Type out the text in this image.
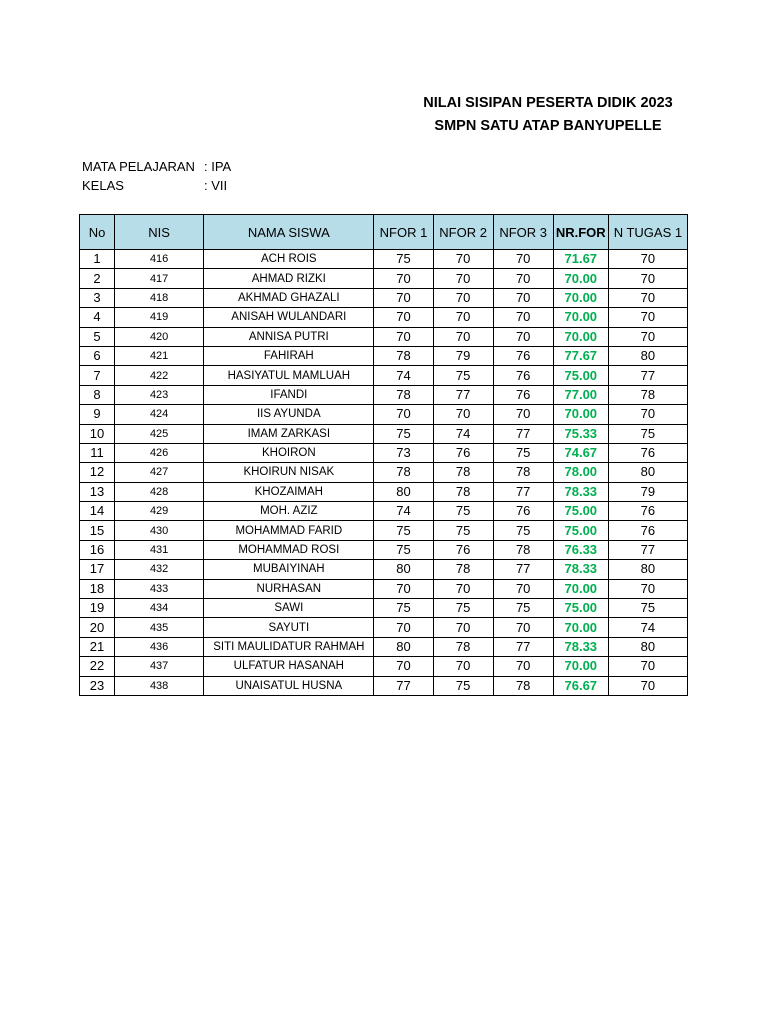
NILAI SISIPAN PESERTA DIDIK 2023
SMPN SATU ATAP BANYUPELLE
MATA PELAJARAN : IPA
KELAS	: VII
No	NIS	NAMA SISWA	NFOR 1	NFOR 2	NFOR 3	NR.FOR	N TUGAS 1
1	416	ACH ROIS	75	70	70	71.67	70
2	417	AHMAD RIZKI	70	70	70	70.00	70
3	418	AKHMAD GHAZALI	70	70	70	70.00	70
4	419	ANISAH WULANDARI	70	70	70	70.00	70
5	420	ANNISA PUTRI	70	70	70	70.00	70
6	421	FAHIRAH	78	79	76	77.67	80
7	422	HASIYATUL MAMLUAH	74	75	76	75.00	77
8	423	IFANDI	78	77	76	77.00	78
9	424	IIS AYUNDA	70	70	70	70.00	70
10	425	IMAM ZARKASI	75	74	77	75.33	75
11	426	KHOIRON	73	76	75	74.67	76
12	427	KHOIRUN NISAK	78	78	78	78.00	80
13	428	KHOZAIMAH	80	78	77	78.33	79
14	429	MOH. AZIZ	74	75	76	75.00	76
15	430	MOHAMMAD FARID	75	75	75	75.00	76
16	431	MOHAMMAD ROSI	75	76	78	76.33	77
17	432	MUBAIYINAH	80	78	77	78.33	80
18	433	NURHASAN	70	70	70	70.00	70
19	434	SAWI	75	75	75	75.00	75
20	435	SAYUTI	70	70	70	70.00	74
21	436	SITI MAULIDATUR RAHMAH	80	78	77	78.33	80
22	437	ULFATUR HASANAH	70	70	70	70.00	70
23	438	UNAISATUL HUSNA	77	75	78	76.67	70
